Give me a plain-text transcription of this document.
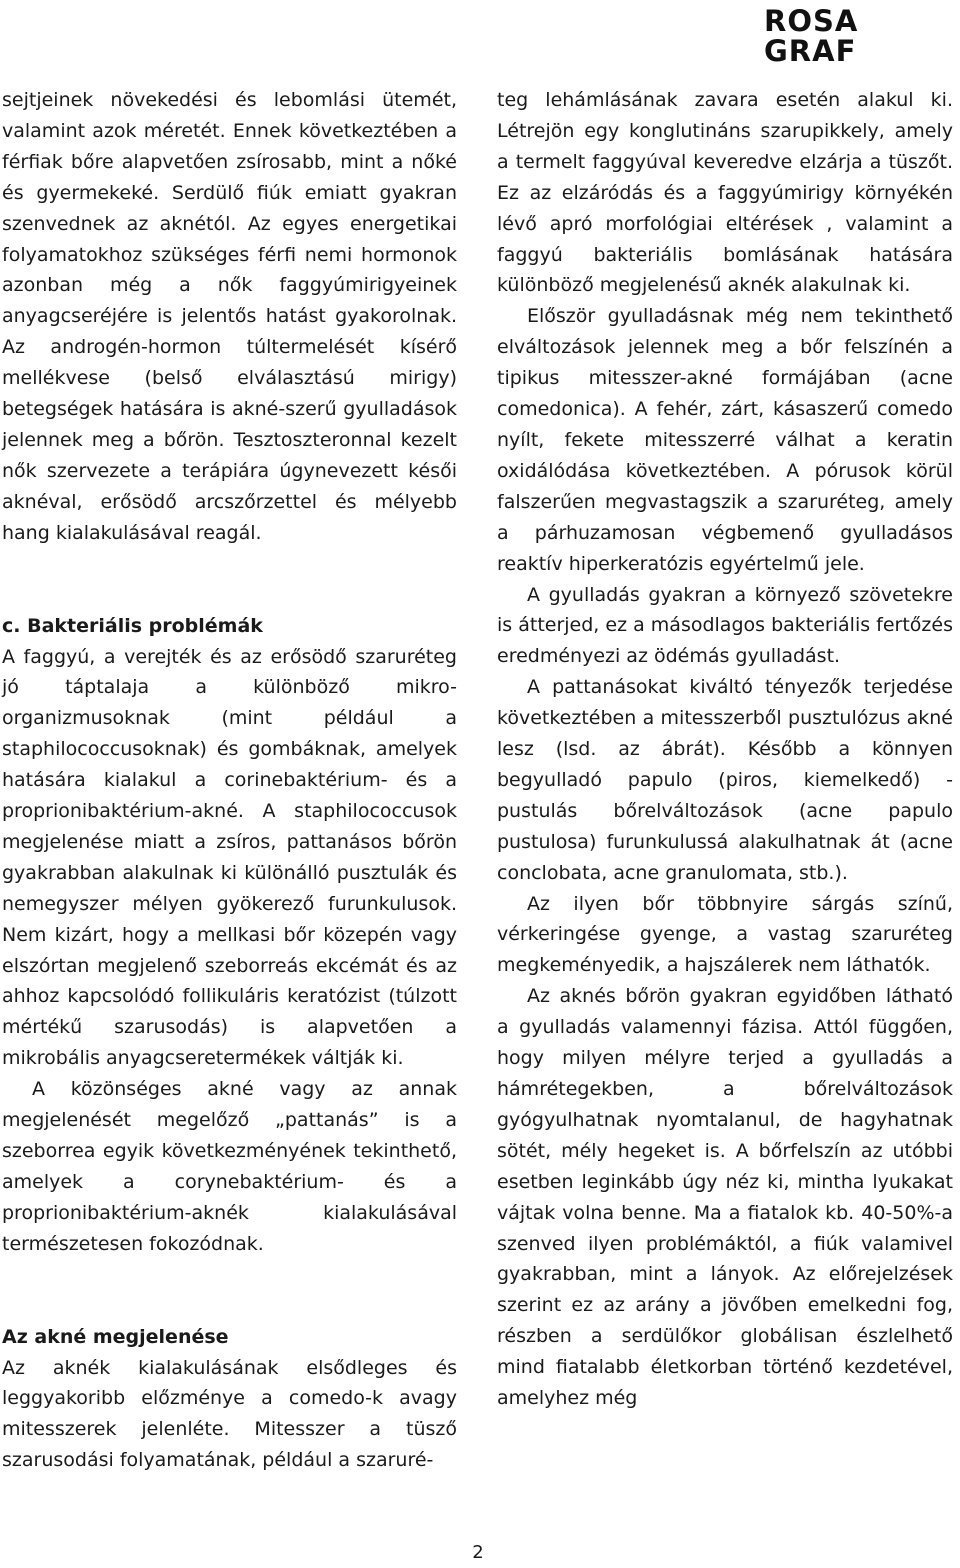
ROSA
GRAF

sejtjeinek növekedési és lebomlási ütemét, valamint azok méretét. Ennek következtében a férfiak bőre alapvetően zsírosabb, mint a nőké és gyermekeké. Serdülő fiúk emiatt gyakran szenvednek az aknétól. Az egyes energetikai folyamatokhoz szükséges férfi nemi hormonok azonban még a nők faggyúmirigyeinek anyagcseréjére is jelentős hatást gyakorolnak. Az androgén-hormon túltermelését kísérő mellékvese (belső elválasztású mirigy) betegségek hatására is akné-szerű gyulladások jelennek meg a bőrön. Tesztoszteronnal kezelt nők szervezete a terápiára úgynevezett késői aknéval, erősödő arcszőrzettel és mélyebb hang kialakulásával reagál.

c. Bakteriális problémák

A faggyú, a verejték és az erősödő szaruréteg jó táptalaja a különböző mikro-organizmusoknak (mint például a staphilococcusoknak) és gombáknak, amelyek hatására kialakul a corinebaktérium- és a proprionibaktérium-akné. A staphilococcusok megjelenése miatt a zsíros, pattanásos bőrön gyakrabban alakulnak ki különálló pusztulák és nemegyszer mélyen gyökerező furunkulusok. Nem kizárt, hogy a mellkasi bőr közepén vagy elszórtan megjelenő szeborreás ekcémát és az ahhoz kapcsolódó follikuláris keratózist (túlzott mértékű szarusodás) is alapvetően a mikrobális anyagcseretermékek váltják ki.

A közönséges akné vagy az annak megjelenését megelőző „pattanás” is a szeborrea egyik következményének tekinthető, amelyek a corynebaktérium- és a proprionibaktérium-aknék kialakulásával természetesen fokozódnak.

Az akné megjelenése

Az aknék kialakulásának elsődleges és leggyakoribb előzménye a comedo-k avagy mitesszerek jelenléte. Mitesszer a tüsző szarusodási folyamatának, például a szaruré-

teg lehámlásának zavara esetén alakul ki. Létrejön egy konglutináns szarupikkely, amely a termelt faggyúval keveredve elzárja a tüszőt. Ez az elzáródás és a faggyúmirigy környékén lévő apró morfológiai eltérések , valamint a faggyú bakteriális bomlásának hatására különböző megjelenésű aknék alakulnak ki.

Először gyulladásnak még nem tekinthető elváltozások jelennek meg a bőr felszínén a tipikus mitesszer-akné formájában (acne comedonica). A fehér, zárt, kásaszerű comedo nyílt, fekete mitesszerré válhat a keratin oxidálódása következtében. A pórusok körül falszerűen megvastagszik a szaruréteg, amely a párhuzamosan végbemenő gyulladásos reaktív hiperkeratózis egyértelmű jele.

A gyulladás gyakran a környező szövetekre is átterjed, ez a másodlagos bakteriális fertőzés eredményezi az ödémás gyulladást.

A pattanásokat kiváltó tényezők terjedése következtében a mitesszerből pusztulózus akné lesz (lsd. az ábrát). Később a könnyen begyulladó papulo (piros, kiemelkedő) -pustulás bőrelváltozások (acne papulo pustulosa) furunkulussá alakulhatnak át (acne conclobata, acne granulomata, stb.).

Az ilyen bőr többnyire sárgás színű, vérkeringése gyenge, a vastag szaruréteg megkeményedik, a hajszálerek nem láthatók.

Az aknés bőrön gyakran egyidőben látható a gyulladás valamennyi fázisa. Attól függően, hogy milyen mélyre terjed a gyulladás a hámrétegekben, a bőrelváltozások gyógyulhatnak nyomtalanul, de hagyhatnak sötét, mély hegeket is. A bőrfelszín az utóbbi esetben leginkább úgy néz ki, mintha lyukakat vájtak volna benne. Ma a fiatalok kb. 40-50%-a szenved ilyen problémáktól, a fiúk valamivel gyakrabban, mint a lányok. Az előrejelzések szerint ez az arány a jövőben emelkedni fog, részben a serdülőkor globálisan észlelhető mind fiatalabb életkorban történő kezdetével, amelyhez még

2
